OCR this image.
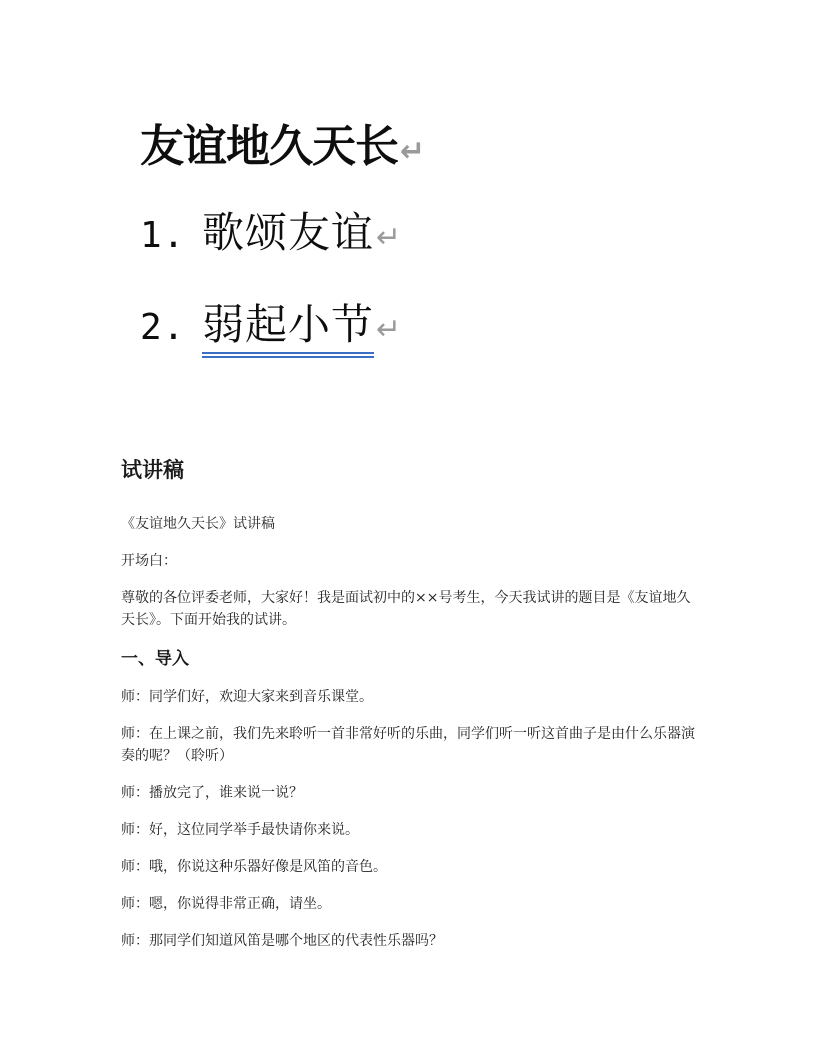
友谊地久天长 ↵
1. 歌颂友谊 ↵
2. 弱起小节 ↵
试讲稿

《友谊地久天长》试讲稿

开场白：

尊敬的各位评委老师，大家好！我是面试初中的××号考生，今天我试讲的题目是《友谊地久天长》。下面开始我的试讲。

一、导入

师：同学们好，欢迎大家来到音乐课堂。

师：在上课之前，我们先来聆听一首非常好听的乐曲，同学们听一听这首曲子是由什么乐器演奏的呢？（聆听）

师：播放完了，谁来说一说？

师：好，这位同学举手最快请你来说。

师：哦，你说这种乐器好像是风笛的音色。

师：嗯，你说得非常正确，请坐。

师：那同学们知道风笛是哪个地区的代表性乐器吗？
